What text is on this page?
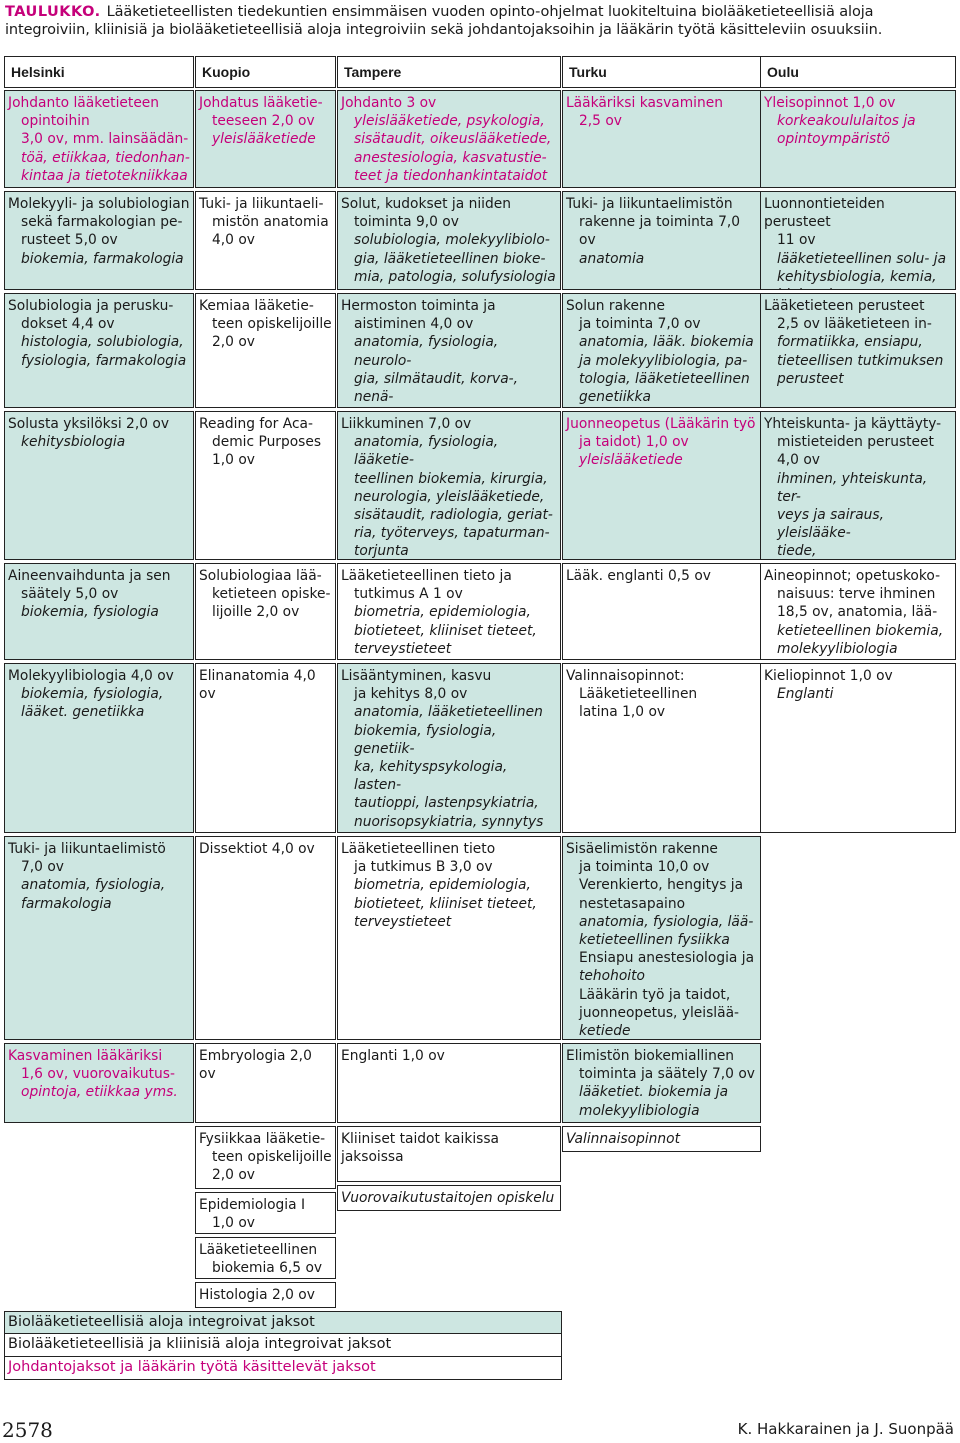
TAULUKKO. Lääketieteellisten tiedekuntien ensimmäisen vuoden opinto-ohjelmat luokiteltuina biolääketieteellisiä aloja integroiviin, kliinisiä ja biolääketieteellisiä aloja integroiviin sekä johdantojaksoihin ja lääkärin työtä käsitteleviin osuuksiin.
Helsinki
Johdanto lääketieteen
opintoihin
3,0 ov, mm. lainsäädän-
töä, etiikkaa, tiedonhan-
kintaa ja tietotekniikkaa
Molekyyli- ja solubiologian
sekä farmakologian pe-
rusteet 5,0 ov
biokemia, farmakologia
Solubiologia ja perusku-
dokset 4,4 ov
histologia, solubiologia,
fysiologia, farmakologia
Solusta yksilöksi 2,0 ov
kehitysbiologia
Aineenvaihdunta ja sen
säätely 5,0 ov
biokemia, fysiologia
Molekyylibiologia 4,0 ov
biokemia, fysiologia,
lääket. genetiikka
Tuki- ja liikuntaelimistö
7,0 ov
anatomia, fysiologia,
farmakologia
Kasvaminen lääkäriksi
1,6 ov, vuorovaikutus-
opintoja, etiikkaa yms.
Kuopio
Johdatus lääketie-
teeseen 2,0 ov
yleislääketiede
Tuki- ja liikuntaeli-
mistön anatomia
4,0 ov
Kemiaa lääketie-
teen opiskelijoille
2,0 ov
Reading for Aca-
demic Purposes
1,0 ov
Solubiologiaa lää-
ketieteen opiske-
lijoille 2,0 ov
Elinanatomia 4,0 ov
Dissektiot 4,0 ov
Embryologia 2,0 ov
Fysiikkaa lääketie-
teen opiskelijoille
2,0 ov
Epidemiologia I
1,0 ov
Lääketieteellinen
biokemia 6,5 ov
Histologia 2,0 ov
Tampere
Johdanto 3 ov
yleislääketiede, psykologia,
sisätaudit, oikeuslääketiede,
anestesiologia, kasvatustie-
teet ja tiedonhankintataidot
Solut, kudokset ja niiden
toiminta 9,0 ov
solubiologia, molekyylibiolo-
gia, lääketieteellinen bioke-
mia, patologia, solufysiologia
Hermoston toiminta ja
aistiminen 4,0 ov
anatomia, fysiologia, neurolo-
gia, silmätaudit, korva-, nenä-
Liikkuminen 7,0 ov
anatomia, fysiologia, lääketie-
teellinen biokemia, kirurgia,
neurologia, yleislääketiede,
sisätaudit, radiologia, geriat-
ria, työterveys, tapaturman-
torjunta
Lääketieteellinen tieto ja
tutkimus A 1 ov
biometria, epidemiologia,
biotieteet, kliiniset tieteet,
terveystieteet
Lisääntyminen, kasvu
ja kehitys 8,0 ov
anatomia, lääketieteellinen
biokemia, fysiologia, genetiik-
ka, kehityspsykologia, lasten-
tautioppi, lastenpsykiatria,
nuorisopsykiatria, synnytys
Lääketieteellinen tieto
ja tutkimus B 3,0 ov
biometria, epidemiologia,
biotieteet, kliiniset tieteet,
terveystieteet
Englanti 1,0 ov
Kliiniset taidot kaikissa jaksoissa
Vuorovaikutustaitojen opiskelu
Turku
Lääkäriksi kasvaminen
2,5 ov
Tuki- ja liikuntaelimistön
rakenne ja toiminta 7,0 ov
anatomia
Solun rakenne
ja toiminta 7,0 ov
anatomia, lääk. biokemia
ja molekyylibiologia, pa-
tologia, lääketieteellinen
genetiikka
Juonneopetus (Lääkärin työ
ja taidot) 1,0 ov
yleislääketiede
Lääk. englanti 0,5 ov
Valinnaisopinnot:
Lääketieteellinen
latina 1,0 ov
Sisäelimistön rakenne
ja toiminta 10,0 ov
Verenkierto, hengitys ja
nestetasapaino
anatomia, fysiologia, lää-
ketieteellinen fysiikka
Ensiapu anestesiologia ja
tehohoito
Lääkärin työ ja taidot,
juonneopetus, yleislää-
ketiede
Elimistön biokemiallinen
toiminta ja säätely 7,0 ov
lääketiet. biokemia ja
molekyylibiologia
Valinnaisopinnot
Oulu
Yleisopinnot 1,0 ov
korkeakoululaitos ja
opintoympäristö
Luonnontieteiden perusteet
11 ov
lääketieteellinen solu- ja
kehitysbiologia, kemia,
Lääketieteen perusteet
2,5 ov lääketieteen in-
formatiikka, ensiapu,
tieteellisen tutkimuksen
perusteet
Yhteiskunta- ja käyttäyty-
mistieteiden perusteet
4,0 ov
ihminen, yhteiskunta, ter-
veys ja sairaus, yleislääke-
tiede,
Aineopinnot; opetuskoko-
naisuus: terve ihminen
18,5 ov, anatomia, lää-
ketieteellinen biokemia,
molekyylibiologia
Kieliopinnot 1,0 ov
Englanti
Biolääketieteellisiä aloja integroivat jaksot
Biolääketieteellisiä ja kliinisiä aloja integroivat jaksot
Johdantojaksot ja lääkärin työtä käsittelevät jaksot
2578	K. Hakkarainen ja J. Suonpää
